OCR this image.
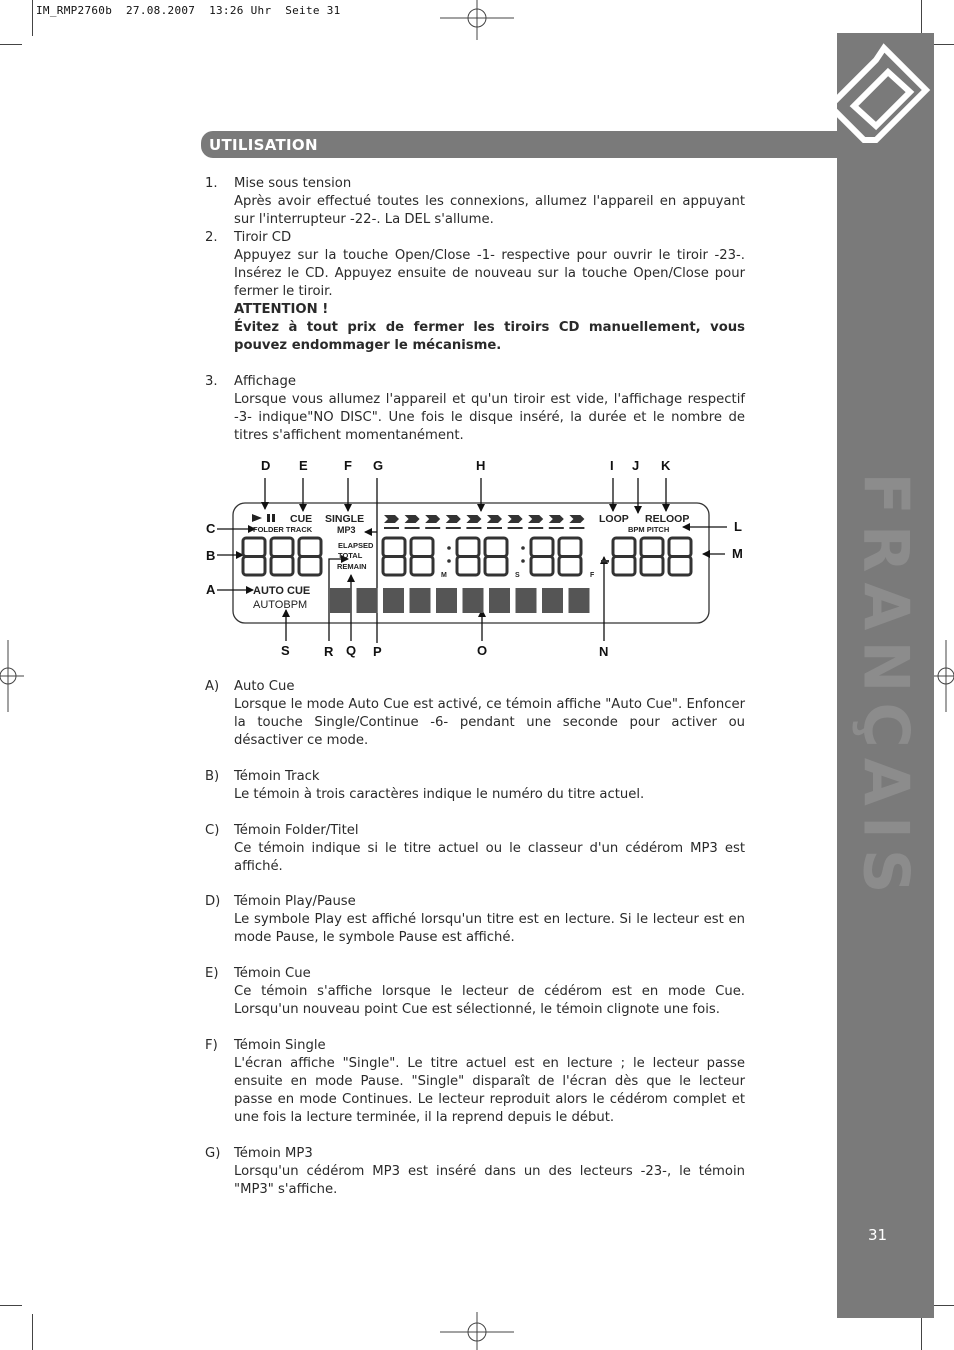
IM_RMP2760b  27.08.2007  13:26 Uhr  Seite 31
FRANÇAIS
31
UTILISATION
1.	Mise sous tension

Après avoir effectué toutes les connexions, allumez l'appareil en appuyant sur l'interrupteur -22-. La DEL s'allume.

2.	Tiroir CD

Appuyez sur la touche Open/Close -1- respective pour ouvrir le tiroir -23-. Insérez le CD. Appuyez ensuite de nouveau sur la touche Open/Close pour fermer le tiroir.

ATTENTION !

Évitez à tout prix de fermer les tiroirs CD manuellement, vous pouvez endommager le mécanisme.

3.	Affichage

Lorsque vous allumez l'appareil et qu'un tiroir est vide, l'affichage respectif -3- indique"NO DISC". Une fois le disque inséré, la durée et le nombre de titres s'affichent momentanément.

D E	F G	H	I J K
C
B
A
L
M
S	R Q P	O	N
CUE SINGLE
FOLDER TRACK	MP3
ELAPSED
TOTAL
REMAIN
LOOP RELOOP
BPM PITCH
AUTO CUE
M	S	F
AUTOBPM
A)	Auto Cue

Lorsque le mode Auto Cue est activé, ce témoin affiche "Auto Cue". Enfoncer la touche Single/Continue -6- pendant une seconde pour activer ou désactiver ce mode.

B)	Témoin Track

Le témoin à trois caractères indique le numéro du titre actuel.

C)	Témoin Folder/Titel

Ce témoin indique si le titre actuel ou le classeur d'un cédérom MP3 est affiché.

D)	Témoin Play/Pause

Le symbole Play est affiché lorsqu'un titre est en lecture. Si le lecteur est en mode Pause, le symbole Pause est affiché.

E)	Témoin Cue

Ce témoin s'affiche lorsque le lecteur de cédérom est en mode Cue. Lorsqu'un nouveau point Cue est sélectionné, le témoin clignote une fois.

F)	Témoin Single

L'écran affiche "Single". Le titre actuel est en lecture ; le lecteur passe ensuite en mode Pause. "Single" disparaît de l'écran dès que le lecteur passe en mode Continues. Le lecteur reproduit alors le cédérom complet et une fois la lecture terminée, il la reprend depuis le début.

G)	Témoin MP3

Lorsqu'un cédérom MP3 est inséré dans un des lecteurs -23-, le témoin "MP3" s'affiche.
